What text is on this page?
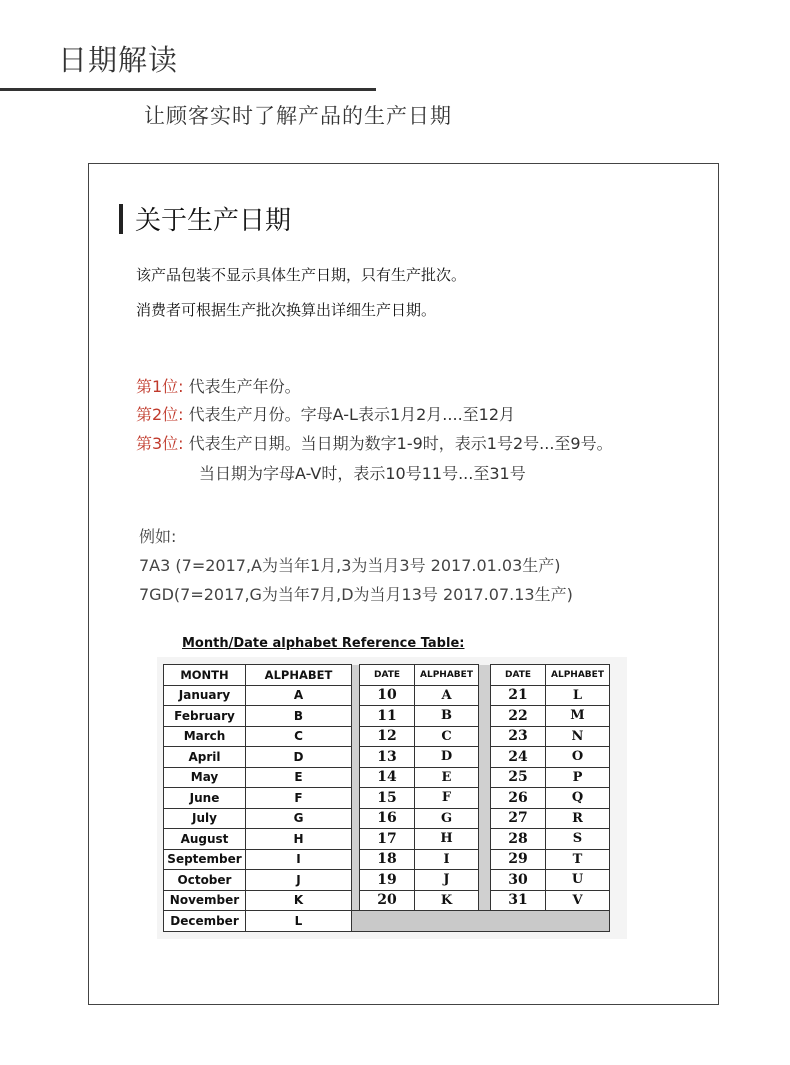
日期解读
让顾客实时了解产品的生产日期
关于生产日期
该产品包装不显示具体生产日期，只有生产批次。
消费者可根据生产批次换算出详细生产日期。
第1位: 代表生产年份。
第2位: 代表生产月份。字母A-L表示1月2月....至12月
第3位: 代表生产日期。当日期为数字1-9时，表示1号2号...至9号。
当日期为字母A-V时，表示10号11号...至31号
例如:
7A3 (7=2017,A为当年1月,3为当月3号 2017.01.03生产)
7GD(7=2017,G为当年7月,D为当月13号 2017.07.13生产)
Month/Date alphabet Reference Table:
MONTH	ALPHABET		DATE	ALPHABET		DATE	ALPHABET
January	A		10	A		21	L
February	B		11	B		22	M
March	C		12	C		23	N
April	D		13	D		24	O
May	E		14	E		25	P
June	F		15	F		26	Q
July	G		16	G		27	R
August	H		17	H		28	S
September	I		18	I		29	T
October	J		19	J		30	U
November	K		20	K		31	V
December	L						
